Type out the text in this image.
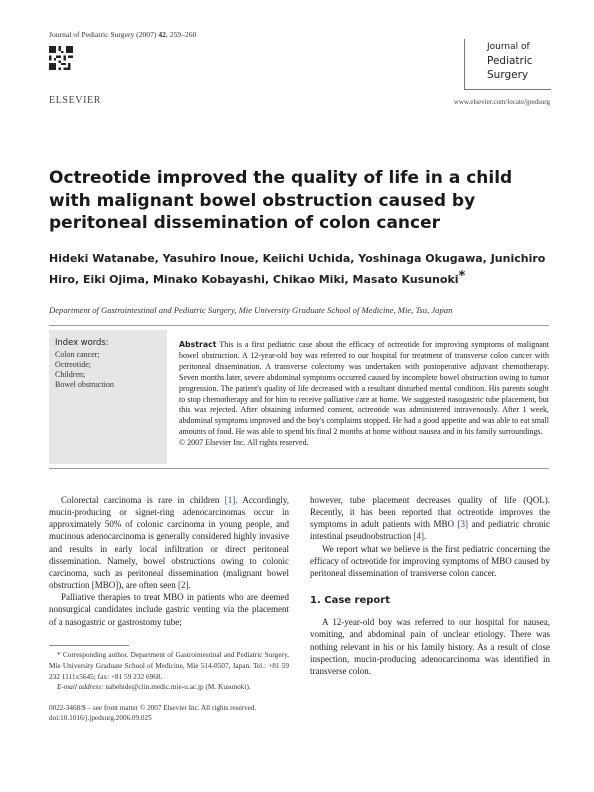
Journal of Pediatric Surgery (2007) 42, 259–260
ELSEVIER
Journal of
Pediatric
Surgery
www.elsevier.com/locate/jpedsurg
Octreotide improved the quality of life in a child with malignant bowel obstruction caused by peritoneal dissemination of colon cancer
Hideki Watanabe, Yasuhiro Inoue, Keiichi Uchida, Yoshinaga Okugawa, Junichiro Hiro, Eiki Ojima, Minako Kobayashi, Chikao Miki, Masato Kusunoki*
Department of Gastrointestinal and Pediatric Surgery, Mie University Graduate School of Medicine, Mie, Tsu, Japan
Index words:
Colon cancer;
Octreotide;
Children;
Bowel obstruction
Abstract This is a first pediatric case about the efficacy of octreotide for improving symptoms of malignant bowel obstruction. A 12-year-old boy was referred to our hospital for treatment of transverse colon cancer with peritoneal dissemination. A transverse colectomy was undertaken with postoperative adjuvant chemotherapy. Seven months later, severe abdominal symptoms occurred caused by incomplete bowel obstruction owing to tumor progression. The patient's quality of life decreased with a resultant disturbed mental condition. His parents sought to stop chemotherapy and for him to receive palliative care at home. We suggested nasogastric tube placement, but this was rejected. After obtaining informed consent, octreotide was administered intravenously. After 1 week, abdominal symptoms improved and the boy's complaints stopped. He had a good appetite and was able to eat small amounts of food. He was able to spend his final 2 months at home without nausea and in his family surroundings.
© 2007 Elsevier Inc. All rights reserved.

Colorectal carcinoma is rare in children [1]. Accordingly, mucin-producing or signet-ring adenocarcinomas occur in approximately 50% of colonic carcinoma in young people, and mucinous adenocarcinoma is generally considered highly invasive and results in early local infiltration or direct peritoneal dissemination. Namely, bowel obstructions owing to colonic carcinoma, such as peritoneal dissemination (malignant bowel obstruction [MBO]), are often seen [2].

Palliative therapies to treat MBO in patients who are deemed nonsurgical candidates include gastric venting via the placement of a nasogastric or gastrostomy tube;

however, tube placement decreases quality of life (QOL). Recently, it has been reported that octreotide improves the symptoms in adult patients with MBO [3] and pediatric chronic intestinal pseudoobstruction [4].

We report what we believe is the first pediatric concerning the efficacy of octreotide for improving symptoms of MBO caused by peritoneal dissemination of transverse colon cancer.

1. Case report

A 12-year-old boy was referred to our hospital for nausea, vomiting, and abdominal pain of unclear etiology. There was nothing relevant in his or his family history. As a result of close inspection, mucin-producing adenocarcinoma was identified in transverse colon.

* Corresponding author. Department of Gastrointestinal and Pediatric Surgery, Mie University Graduate School of Medicine, Mie 514-8507, Japan. Tel.: +81 59 232 1111x5645; fax: +81 59 232 6968.

E-mail address: nabehide@clin.medic.mie-u.ac.jp (M. Kusunoki).

0022-3468/$ – see front matter © 2007 Elsevier Inc. All rights reserved.
doi:10.1016/j.jpedsurg.2006.09.025
